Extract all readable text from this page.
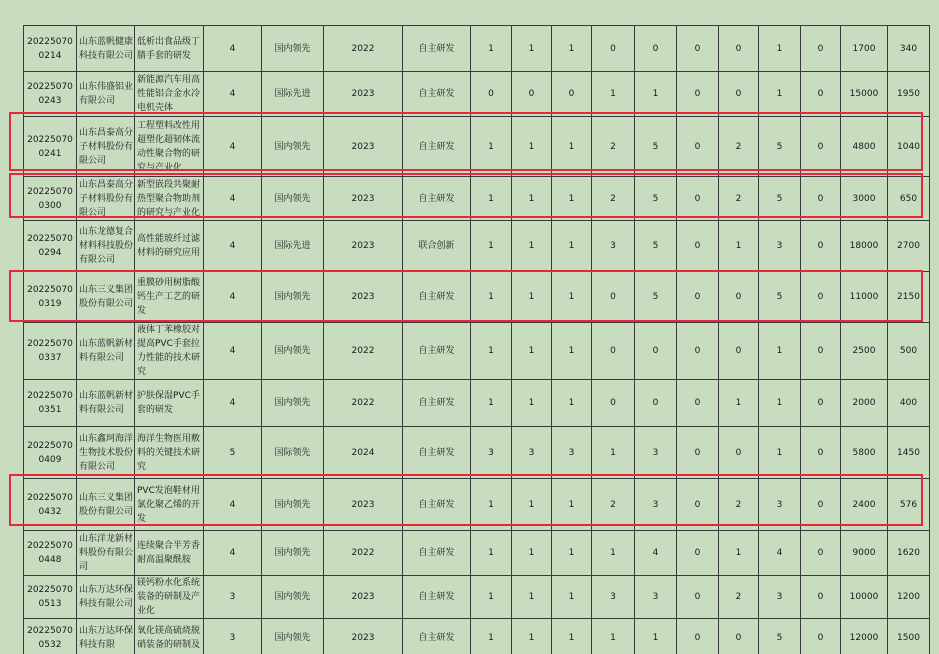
202250700214	山东蓝帆健康科技有限公司	低析出食品级丁腈手套的研发	4	国内领先	2022	自主研发	1	1	1	0	0	0	0	1	0	1700	340
202250700243	山东伟盛铝业有限公司	新能源汽车用高性能铝合金水冷电机壳体	4	国际先进	2023	自主研发	0	0	0	1	1	0	0	1	0	15000	1950
202250700241	山东昌泰高分子材料股份有限公司	工程塑料改性用超塑化超韧体流动性聚合物的研究与产业化	4	国内领先	2023	自主研发	1	1	1	2	5	0	2	5	0	4800	1040
202250700300	山东昌泰高分子材料股份有限公司	新型嵌段共聚耐热型聚合物助剂的研究与产业化	4	国内领先	2023	自主研发	1	1	1	2	5	0	2	5	0	3000	650
202250700294	山东龙德复合材料科技股份有限公司	高性能玻纤过滤材料的研究应用	4	国际先进	2023	联合创新	1	1	1	3	5	0	1	3	0	18000	2700
202250700319	山东三义集团股份有限公司	重膜砂用树脂酸钙生产工艺的研发	4	国内领先	2023	自主研发	1	1	1	0	5	0	0	5	0	11000	2150
202250700337	山东蓝帆新材料有限公司	液体丁苯橡胶对提高PVC手套拉力性能的技术研究	4	国内领先	2022	自主研发	1	1	1	0	0	0	0	1	0	2500	500
202250700351	山东蓝帆新材料有限公司	护肤保湿PVC手套的研发	4	国内领先	2022	自主研发	1	1	1	0	0	0	1	1	0	2000	400
202250700409	山东鑫珂海洋生物技术股份有限公司	海洋生物医用敷料的关键技术研究	5	国际领先	2024	自主研发	3	3	3	1	3	0	0	1	0	5800	1450
202250700432	山东三义集团股份有限公司	PVC发泡鞋材用氯化聚乙烯的开发	4	国内领先	2023	自主研发	1	1	1	2	3	0	2	3	0	2400	576
202250700448	山东洋龙新材料股份有限公司	连续聚合半芳香耐高温聚酰胺	4	国内领先	2022	自主研发	1	1	1	1	4	0	1	4	0	9000	1620
202250700513	山东万达环保科技有限公司	镁钙粉水化系统装备的研制及产业化	3	国内领先	2023	自主研发	1	1	1	3	3	0	2	3	0	10000	1200
202250700532	山东万达环保科技有限	氧化镁高硫烧脱硝装备的研制及	3	国内领先	2023	自主研发	1	1	1	1	1	0	0	5	0	12000	1500
